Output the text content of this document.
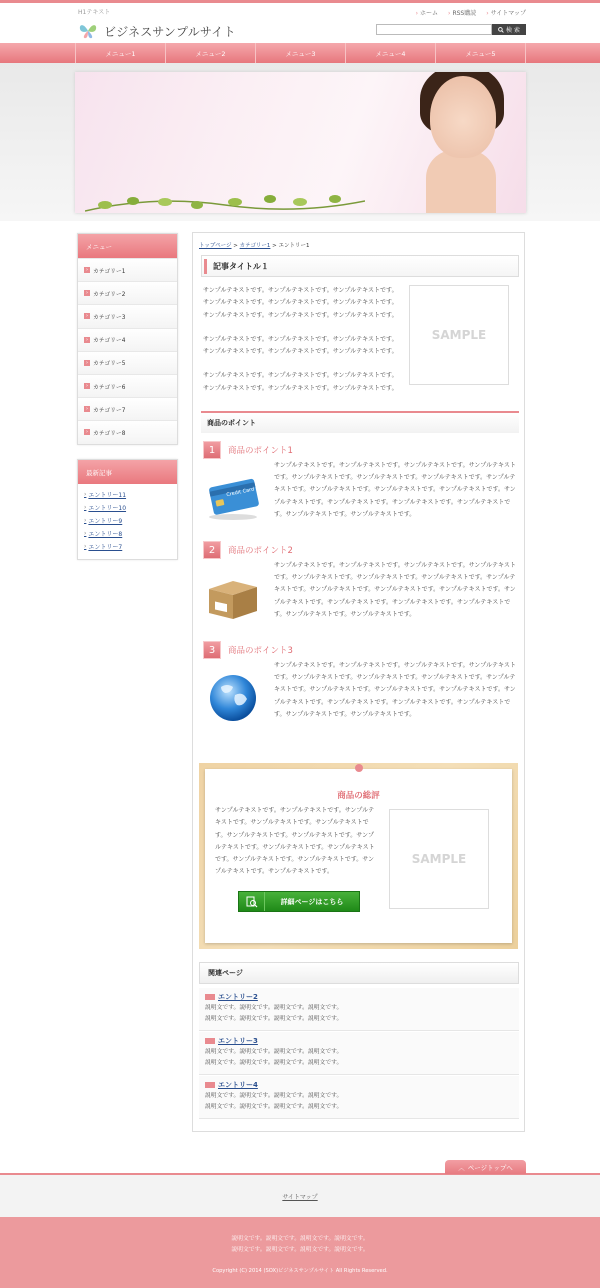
H1テキスト
ビジネスサンプルサイト
› ホーム › RSS購読 › サイトマップ
検 索
メニュー1	メニュー2	メニュー3	メニュー4	メニュー5
メニュー
› カテゴリー1
› カテゴリー2
› カテゴリー3
› カテゴリー4
› カテゴリー5
› カテゴリー6
› カテゴリー7
› カテゴリー8
最新記事
› エントリー11
› エントリー10
› エントリー9
› エントリー8
› エントリー7
トップページ > カテゴリー1 > エントリー1
記事タイトル１

サンプルテキストです。サンプルテキストです。サンプルテキストです。サンプルテキストです。サンプルテキストです。サンプルテキストです。サンプルテキストです。サンプルテキストです。サンプルテキストです。

サンプルテキストです。サンプルテキストです。サンプルテキストです。サンプルテキストです。サンプルテキストです。サンプルテキストです。

サンプルテキストです。サンプルテキストです。サンプルテキストです。サンプルテキストです。サンプルテキストです。サンプルテキストです。

SAMPLE
商品のポイント
1	商品のポイント1
Credit Card
サンプルテキストです。サンプルテキストです。サンプルテキストです。サンプルテキストです。サンプルテキストです。サンプルテキストです。サンプルテキストです。サンプルテキストです。サンプルテキストです。サンプルテキストです。サンプルテキストです。サンプルテキストです。サンプルテキストです。サンプルテキストです。サンプルテキストです。サンプルテキストです。サンプルテキストです。
2	商品のポイント2
サンプルテキストです。サンプルテキストです。サンプルテキストです。サンプルテキストです。サンプルテキストです。サンプルテキストです。サンプルテキストです。サンプルテキストです。サンプルテキストです。サンプルテキストです。サンプルテキストです。サンプルテキストです。サンプルテキストです。サンプルテキストです。サンプルテキストです。サンプルテキストです。サンプルテキストです。
3	商品のポイント3
サンプルテキストです。サンプルテキストです。サンプルテキストです。サンプルテキストです。サンプルテキストです。サンプルテキストです。サンプルテキストです。サンプルテキストです。サンプルテキストです。サンプルテキストです。サンプルテキストです。サンプルテキストです。サンプルテキストです。サンプルテキストです。サンプルテキストです。サンプルテキストです。サンプルテキストです。
商品の総評
サンプルテキストです。サンプルテキストです。サンプルテキストです。サンプルテキストです。サンプルテキストです。サンプルテキストです。サンプルテキストです。サンプルテキストです。サンプルテキストです。サンプルテキストです。サンプルテキストです。サンプルテキストです。サンプルテキストです。サンプルテキストです。
SAMPLE
詳細ページはこちら
関連ページ
エントリー2
説明文です。説明文です。説明文です。説明文です。
説明文です。説明文です。説明文です。説明文です。
エントリー3
説明文です。説明文です。説明文です。説明文です。
説明文です。説明文です。説明文です。説明文です。
エントリー4
説明文です。説明文です。説明文です。説明文です。
説明文です。説明文です。説明文です。説明文です。
︿ ページトップへ
サイトマップ
説明文です。説明文です。説明文です。説明文です。
説明文です。説明文です。説明文です。説明文です。
Copyright (C) 2014 (SOX)ビジネスサンプルサイト All Rights Reserved.
